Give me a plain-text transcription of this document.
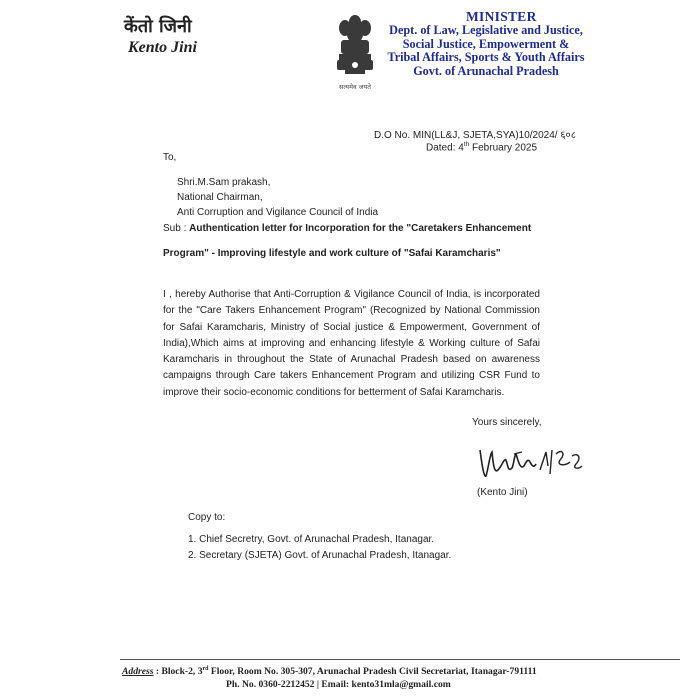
केंतो जिनी
Kento Jini
सत्यमेव जयते
MINISTER
Dept. of Law, Legislative and Justice,
Social Justice, Empowerment &
Tribal Affairs, Sports & Youth Affairs
Govt. of Arunachal Pradesh
D.O No. MIN(LL&J, SJETA,SYA)10/2024/ ६०८
Dated: 4th February 2025
To,
Shri.M.Sam prakash,
National Chairman,
Anti Corruption and Vigilance Council of India
Sub : Authentication letter for Incorporation for the "Caretakers Enhancement
Program" - Improving lifestyle and work culture of "Safai Karamcharis"
I , hereby Authorise that Anti-Corruption & Vigilance Council of India, is incorporated for the "Care Takers Enhancement Program" (Recognized by National Commission for Safai Karamcharis, Ministry of Social justice & Empowerment, Government of India),Which aims at improving and enhancing lifestyle & Working culture of Safai Karamcharis in throughout the State of Arunachal Pradesh based on awareness campaigns through Care takers Enhancement Program and utilizing CSR Fund to improve their socio-economic conditions for betterment of Safai Karamcharis.
Yours sincerely,
(Kento Jini)
Copy to:
1. Chief Secretry, Govt. of Arunachal Pradesh, Itanagar.
2. Secretary (SJETA) Govt. of Arunachal Pradesh, Itanagar.
Address : Block-2, 3rd Floor, Room No. 305-307, Arunachal Pradesh Civil Secretariat, Itanagar-791111
Ph. No. 0360-2212452 | Email: kento31mla@gmail.com
